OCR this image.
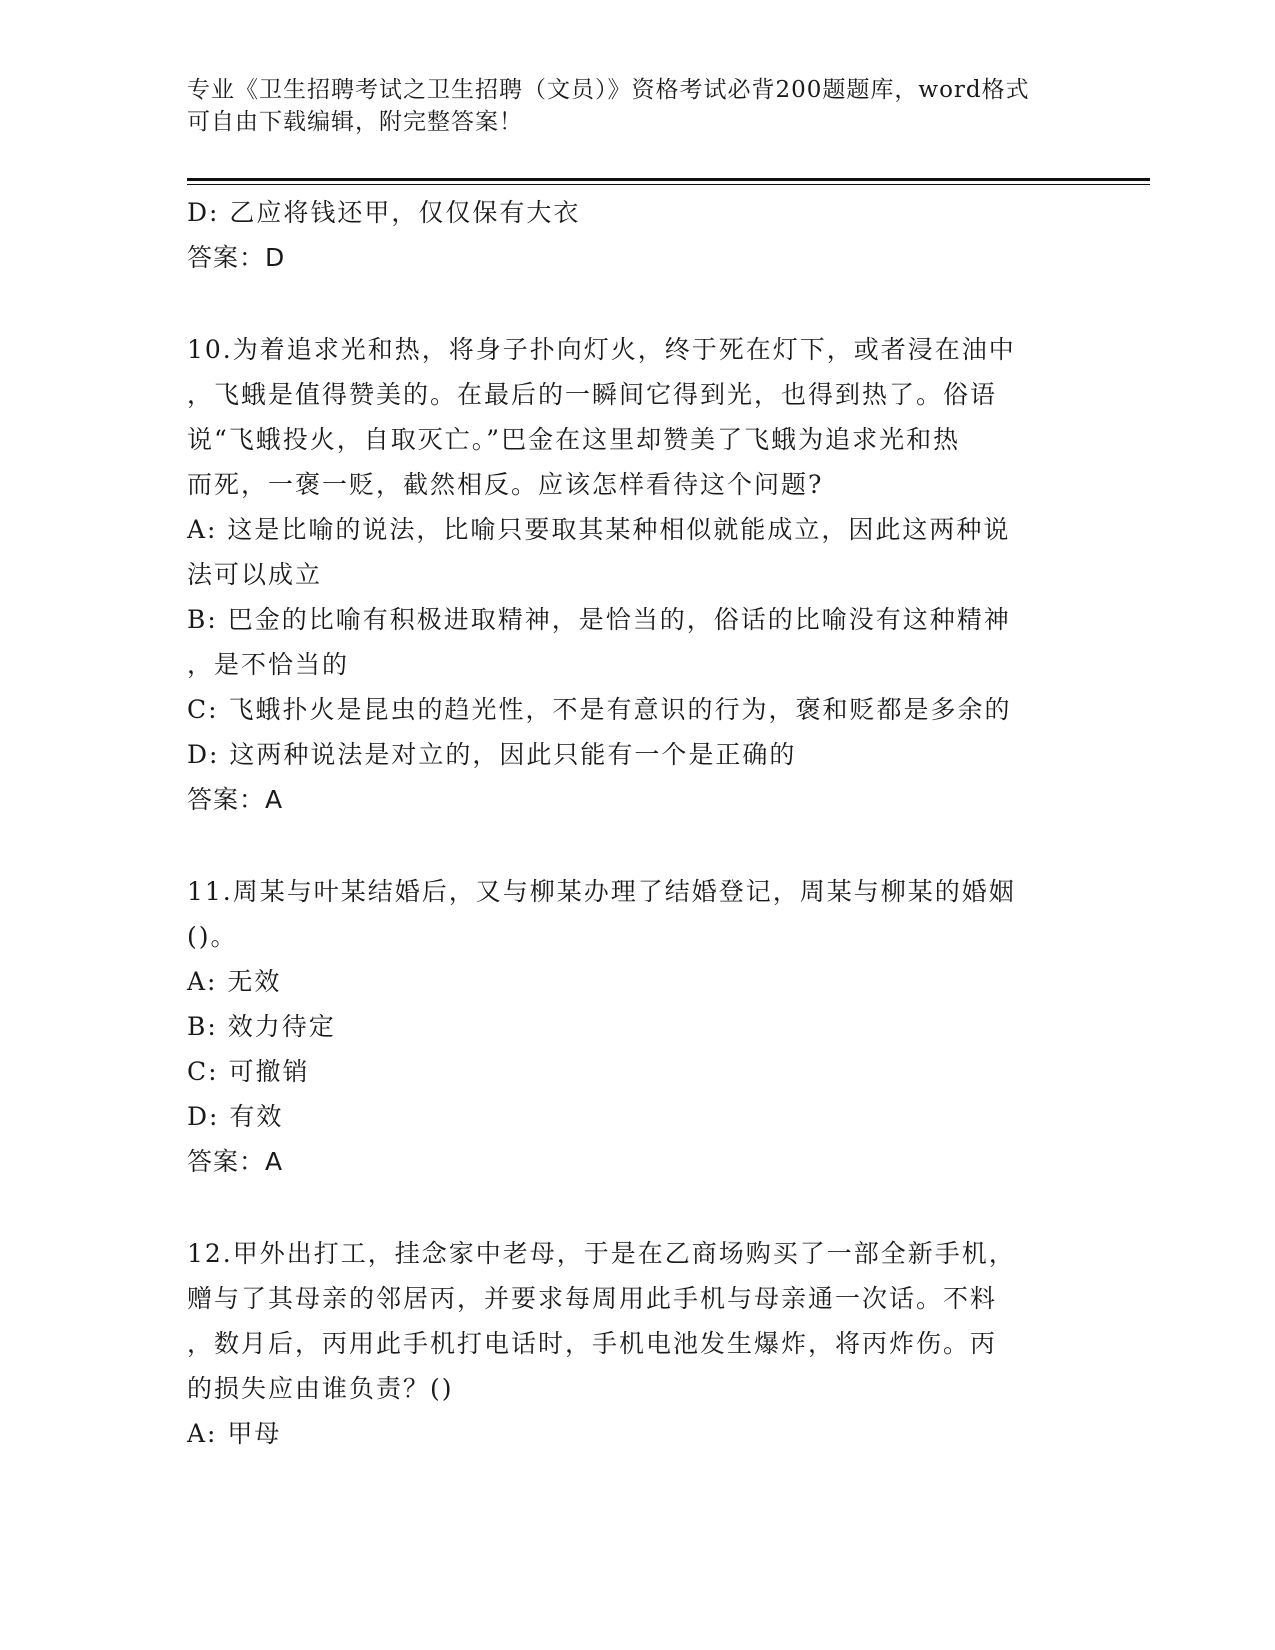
专业《卫生招聘考试之卫生招聘（文员）》资格考试必背200题题库，word格式
可自由下载编辑，附完整答案！
D: 乙应将钱还甲，仅仅保有大衣
答案：D
10.为着追求光和热，将身子扑向灯火，终于死在灯下，或者浸在油中
，飞蛾是值得赞美的。在最后的一瞬间它得到光，也得到热了。俗语
说“飞蛾投火，自取灭亡。”巴金在这里却赞美了飞蛾为追求光和热
而死，一褒一贬，截然相反。应该怎样看待这个问题?
A: 这是比喻的说法，比喻只要取其某种相似就能成立，因此这两种说
法可以成立
B: 巴金的比喻有积极进取精神，是恰当的，俗话的比喻没有这种精神
，是不恰当的
C: 飞蛾扑火是昆虫的趋光性，不是有意识的行为，褒和贬都是多余的
D: 这两种说法是对立的，因此只能有一个是正确的
答案：A
11.周某与叶某结婚后，又与柳某办理了结婚登记，周某与柳某的婚姻
()。
A: 无效
B: 效力待定
C: 可撤销
D: 有效
答案：A
12.甲外出打工，挂念家中老母，于是在乙商场购买了一部全新手机，
赠与了其母亲的邻居丙，并要求每周用此手机与母亲通一次话。不料
，数月后，丙用此手机打电话时，手机电池发生爆炸，将丙炸伤。丙
的损失应由谁负责？()
A: 甲母
